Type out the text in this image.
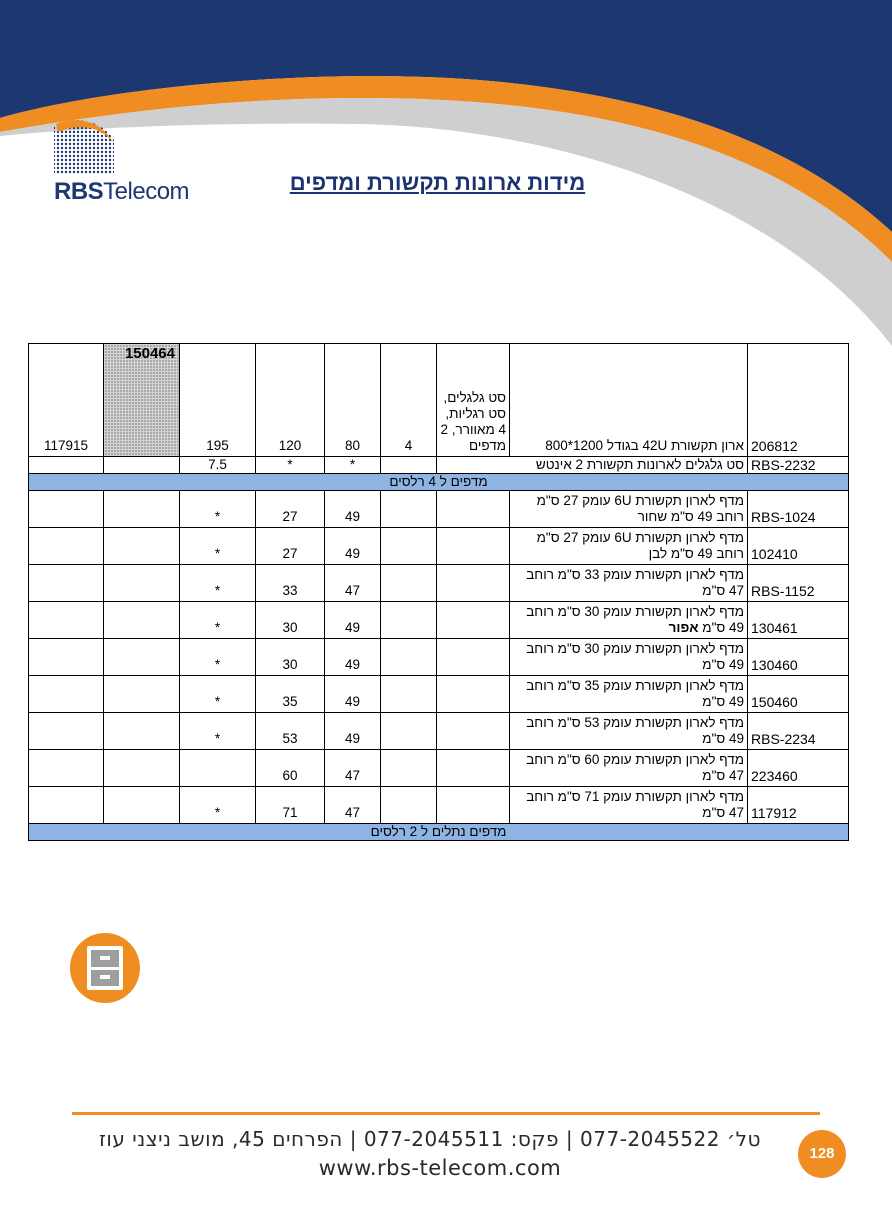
RBSTelecom	מידות ארונות תקשורת ומדפים
206812	ארון תקשורת 42U בגודל 1200*800	סט גלגלים, סט רגליות, 4 מאוורר, 2 מדפים	4	80	120	195	150464	117915
RBS-2232	סט גלגלים לארונות תקשורת 2 אינטש			*	*	7.5		
מדפים ל 4 רלסים								
RBS-1024	מדף לארון תקשורת 6U עומק 27 ס"מ רוחב 49 ס"מ שחור			49	27	*		
102410	מדף לארון תקשורת 6U עומק 27 ס"מ רוחב 49 ס"מ לבן			49	27	*		
RBS-1152	מדף לארון תקשורת עומק 33 ס"מ רוחב 47 ס"מ			47	33	*		
130461	מדף לארון תקשורת עומק 30 ס"מ רוחב 49 ס"מ אפור			49	30	*		
130460	מדף לארון תקשורת עומק 30 ס"מ רוחב 49 ס"מ			49	30	*		
150460	מדף לארון תקשורת עומק 35 ס"מ רוחב 49 ס"מ			49	35	*		
RBS-2234	מדף לארון תקשורת עומק 53 ס"מ רוחב 49 ס"מ			49	53	*		
223460	מדף לארון תקשורת עומק 60 ס"מ רוחב 47 ס"מ			47	60			
117912	מדף לארון תקשורת עומק 71 ס"מ רוחב 47 ס"מ			47	71	*		
מדפים נתלים ל 2 רלסים								
טל׳ 077-2045522 | פקס: 077-2045511 | הפרחים 45, מושב ניצני עוז
www.rbs-telecom.com
128
